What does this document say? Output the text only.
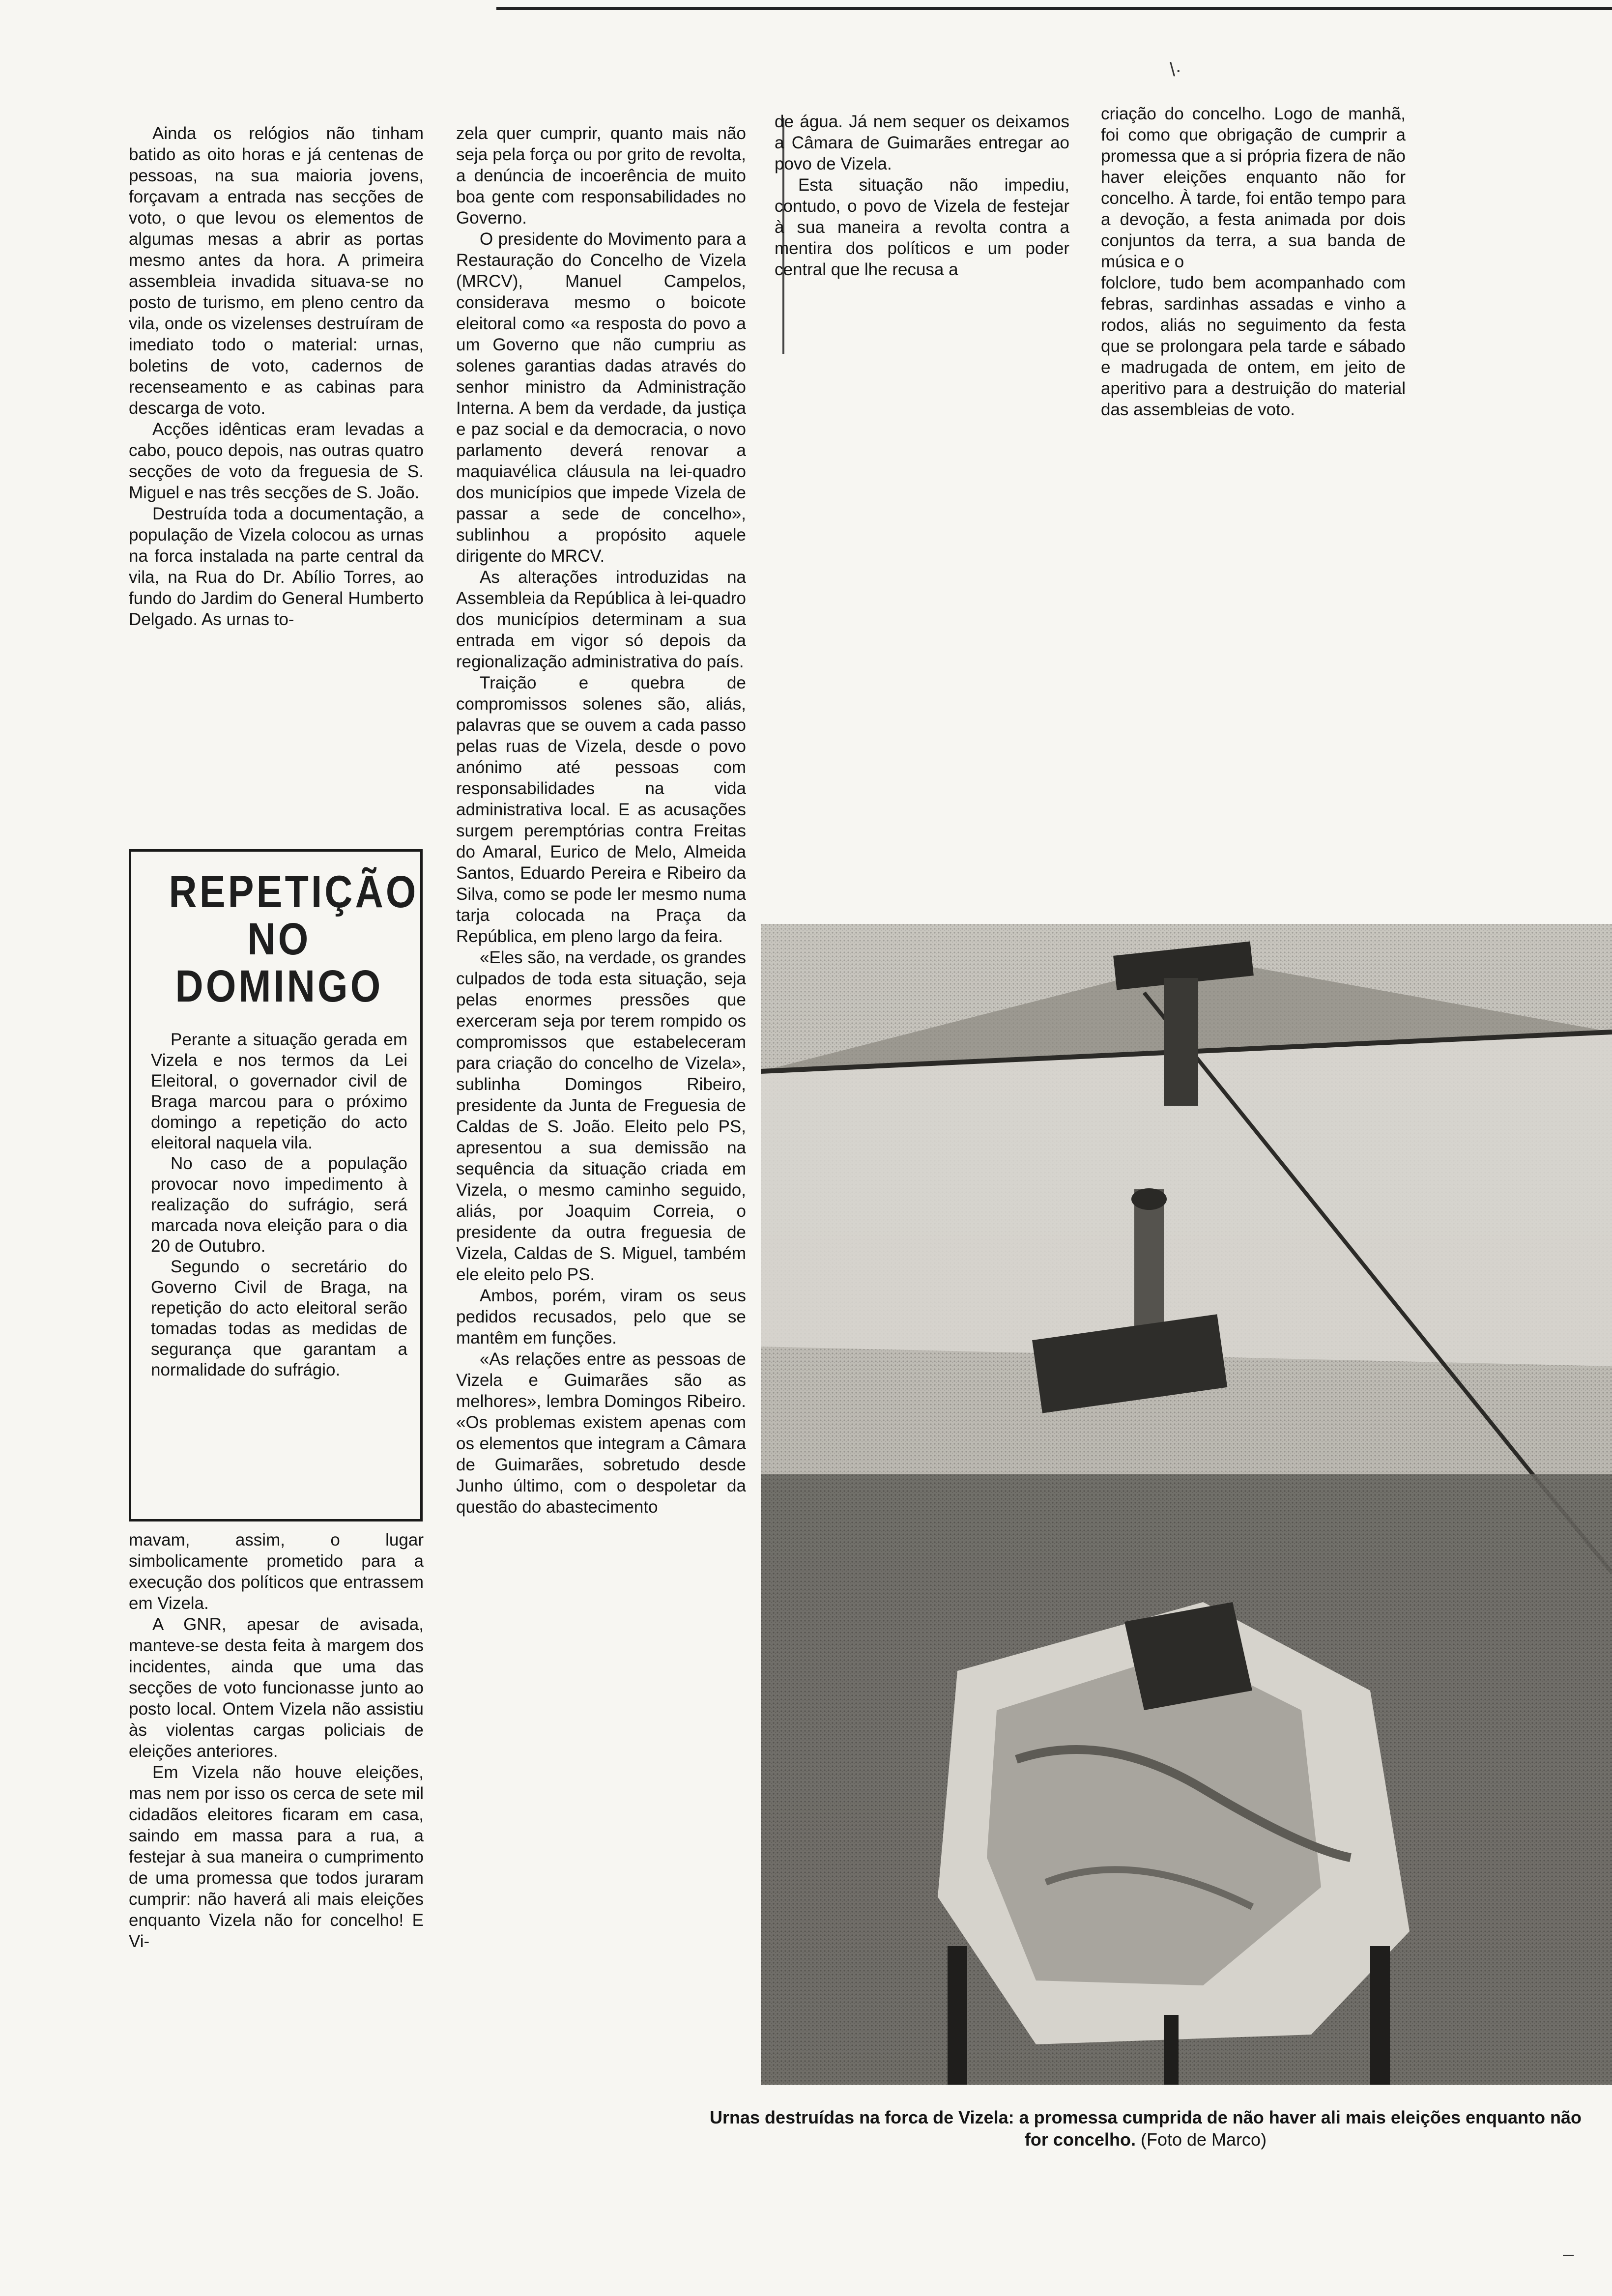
\·

Ainda os relógios não tinham batido as oito horas e já centenas de pessoas, na sua maioria jovens, forçavam a entrada nas secções de voto, o que levou os elementos de algumas mesas a abrir as portas mesmo antes da hora. A primeira assembleia invadida situava-se no posto de turismo, em pleno centro da vila, onde os vizelenses destruíram de imediato todo o material: urnas, boletins de voto, cadernos de recenseamento e as cabinas para descarga de voto.

Acções idênticas eram levadas a cabo, pouco depois, nas outras quatro secções de voto da freguesia de S. Miguel e nas três secções de S. João.

Destruída toda a documentação, a população de Vizela colocou as urnas na forca instalada na parte central da vila, na Rua do Dr. Abílio Torres, ao fundo do Jardim do General Humberto Delgado. As urnas to-

REPETIÇÃO
NO DOMINGO

Perante a situação gerada em Vizela e nos termos da Lei Eleitoral, o governador civil de Braga marcou para o próximo domingo a repetição do acto eleitoral naquela vila.

No caso de a população provocar novo impedimento à realização do sufrágio, será marcada nova eleição para o dia 20 de Outubro.

Segundo o secretário do Governo Civil de Braga, na repetição do acto eleitoral serão tomadas todas as medidas de segurança que garantam a normalidade do sufrágio.

mavam, assim, o lugar simbolicamente prometido para a execução dos políticos que entrassem em Vizela.

A GNR, apesar de avisada, manteve-se desta feita à margem dos incidentes, ainda que uma das secções de voto funcionasse junto ao posto local. Ontem Vizela não assistiu às violentas cargas policiais de eleições anteriores.

Em Vizela não houve eleições, mas nem por isso os cerca de sete mil cidadãos eleitores ficaram em casa, saindo em massa para a rua, a festejar à sua maneira o cumprimento de uma promessa que todos juraram cumprir: não haverá ali mais eleições enquanto Vizela não for concelho! E Vi-

zela quer cumprir, quanto mais não seja pela força ou por grito de revolta, a denúncia de incoerência de muito boa gente com responsabilidades no Governo.

O presidente do Movimento para a Restauração do Concelho de Vizela (MRCV), Manuel Campelos, considerava mesmo o boicote eleitoral como «a resposta do povo a um Governo que não cumpriu as solenes garantias dadas através do senhor ministro da Administração Interna. A bem da verdade, da justiça e paz social e da democracia, o novo parlamento deverá renovar a maquiavélica cláusula na lei-quadro dos municípios que impede Vizela de passar a sede de concelho», sublinhou a propósito aquele dirigente do MRCV.

As alterações introduzidas na Assembleia da República à lei-quadro dos municípios determinam a sua entrada em vigor só depois da regionalização administrativa do país.

Traição e quebra de compromissos solenes são, aliás, palavras que se ouvem a cada passo pelas ruas de Vizela, desde o povo anónimo até pessoas com responsabilidades na vida administrativa local. E as acusações surgem peremptórias contra Freitas do Amaral, Eurico de Melo, Almeida Santos, Eduardo Pereira e Ribeiro da Silva, como se pode ler mesmo numa tarja colocada na Praça da República, em pleno largo da feira.

«Eles são, na verdade, os grandes culpados de toda esta situação, seja pelas enormes pressões que exerceram seja por terem rompido os compromissos que estabeleceram para criação do concelho de Vizela», sublinha Domingos Ribeiro, presidente da Junta de Freguesia de Caldas de S. João. Eleito pelo PS, apresentou a sua demissão na sequência da situação criada em Vizela, o mesmo caminho seguido, aliás, por Joaquim Correia, o presidente da outra freguesia de Vizela, Caldas de S. Miguel, também ele eleito pelo PS.

Ambos, porém, viram os seus pedidos recusados, pelo que se mantêm em funções.

«As relações entre as pessoas de Vizela e Guimarães são as melhores», lembra Domingos Ribeiro. «Os problemas existem apenas com os elementos que integram a Câmara de Guimarães, sobretudo desde Junho último, com o despoletar da questão do abastecimento

de água. Já nem sequer os deixamos a Câmara de Guimarães entregar ao povo de Vizela.

Esta situação não impediu, contudo, o povo de Vizela de festejar à sua maneira a revolta contra a mentira dos políticos e um poder central que lhe recusa a

criação do concelho. Logo de manhã, foi como que obrigação de cumprir a promessa que a si própria fizera de não haver eleições enquanto não for concelho. À tarde, foi então tempo para a devoção, a festa animada por dois conjuntos da terra, a sua banda de música e o

folclore, tudo bem acompanhado com febras, sardinhas assadas e vinho a rodos, aliás no seguimento da festa que se prolongara pela tarde e sábado e madrugada de ontem, em jeito de aperitivo para a destruição do material das assembleias de voto.

Urnas destruídas na forca de Vizela: a promessa cumprida de não haver ali mais eleições enquanto não for concelho. (Foto de Marco)
–
